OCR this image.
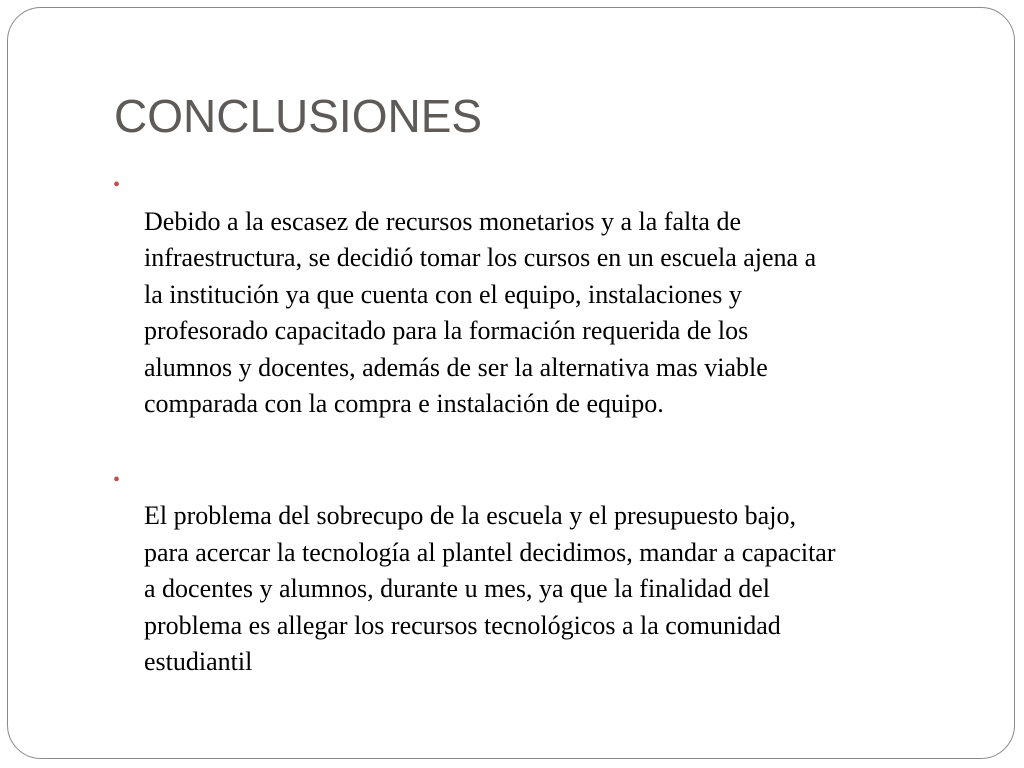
CONCLUSIONES

•
Debido a la escasez de recursos monetarios y a la falta de
infraestructura, se decidió tomar los cursos en un escuela ajena a
la institución ya que cuenta con el equipo, instalaciones y
profesorado capacitado para la formación requerida de los
alumnos y docentes, además de ser la alternativa mas viable
comparada con la compra e instalación de equipo.

•
El problema del sobrecupo de la escuela y el presupuesto bajo,
para acercar la tecnología al plantel decidimos, mandar a capacitar
a docentes y alumnos, durante u mes, ya que la finalidad del
problema es allegar los recursos tecnológicos a la comunidad
estudiantil
